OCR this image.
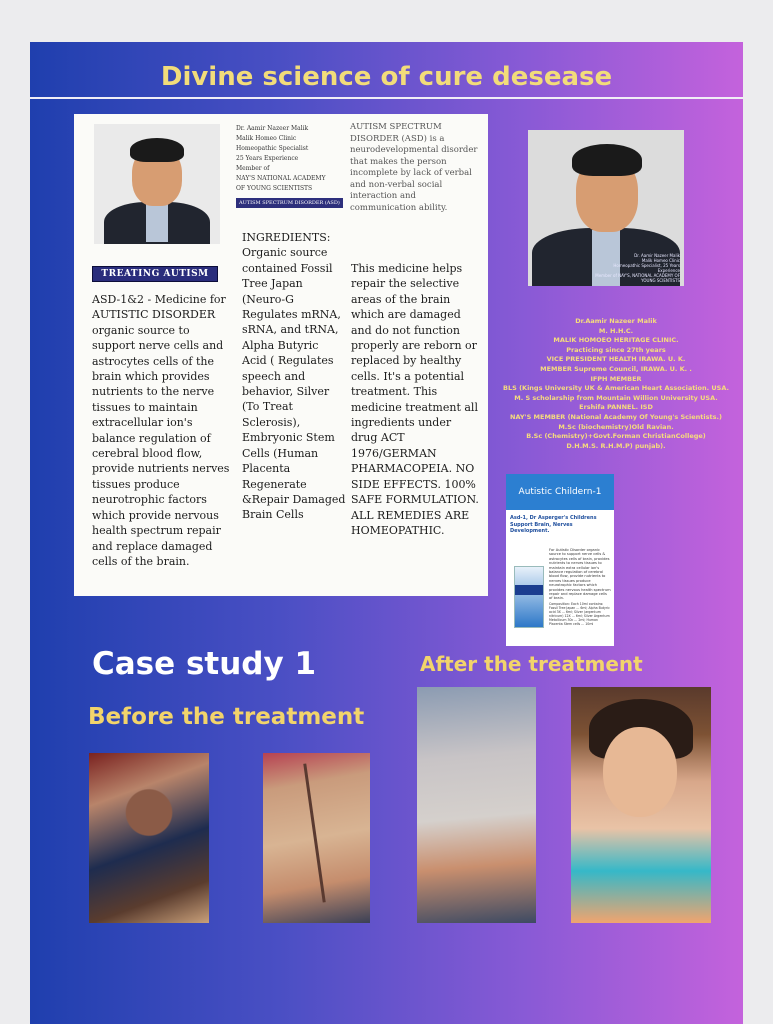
Divine science of cure desease
Dr. Aamir Nazeer Malik
Malik Homeo Clinic
Homeopathic Specialist
25 Years Experience
Member of
NAY'S NATIONAL ACADEMY
OF YOUNG SCIENTISTS
AUTISM SPECTRUM DISORDER (ASD)
AUTISM SPECTRUM DISORDER (ASD) is a neurodevelopmental disorder that makes the person incomplete by lack of verbal and non-verbal social interaction and communication ability.
TREATING AUTISM
ASD-1&2 - Medicine for AUTISTIC DISORDER organic source to support nerve cells and astrocytes cells of the brain which provides nutrients to the nerve tissues to maintain extracellular ion's balance regulation of cerebral blood flow, provide nutrients nerves tissues produce neurotrophic factors which provide nervous health spectrum repair and replace damaged cells of the brain.
INGREDIENTS: Organic source contained Fossil Tree Japan (Neuro-G Regulates mRNA, sRNA, and tRNA, Alpha Butyric Acid ( Regulates speech and behavior, Silver (To Treat Sclerosis), Embryonic Stem Cells (Human Placenta Regenerate &Repair Damaged Brain Cells
This medicine helps repair the selective areas of the brain which are damaged and do not function properly are reborn or replaced by healthy cells. It's a potential treatment. This medicine treatment all ingredients under drug ACT 1976/GERMAN PHARMACOPEIA. NO SIDE EFFECTS. 100% SAFE FORMULATION. ALL REMEDIES ARE HOMEOPATHIC.
Dr. Aamir Nazeer Malik
Malik Homeo Clinic
Homeopathic Specialist, 25 Years Experience
Member of NAY'S, NATIONAL ACADEMY OF YOUNG SCIENTISTS
Dr.Aamir Nazeer Malik
M. H.H.C.
MALIK HOMOEO HERITAGE CLINIC.
Practicing since 27th years
VICE PRESIDENT HEALTH IRAWA. U. K.
MEMBER Supreme Council, IRAWA. U. K. .
IFPH MEMBER
BLS (Kings University UK & American Heart Association. USA.
M. S scholarship from Mountain Willion University USA.
Ershifa PANNEL. ISD
NAY'S MEMBER (National Academy Of Young's Scientists.)
M.Sc (biochemistry)Old Ravian.
B.Sc (Chemistry)+Govt.Forman ChristianCollege)
D.H.M.S. R.H.M.P) punjab).
Autistic Childern-1
Asd-1, Dr Asperger's Childrens Support Brain, Nerves Development.
For Autistic Disorder organic source to support nerve cells & astrocytes cells of brain, provides nutrients to nerves tissues to maintain extra cellular ion's balance regulation of cerebral blood flow, provide nutrients to nerves tissues produce neurotrophic factors which provides nervous health spectrum repair and replace damage cells of brain.
Composition: Each 10ml contains: Fossil Tree Japan ... 6ml; Alpha Butyric acid 3X ... 6ml; Silver (argentum nitricum) 12X ... 6ml; Silver Argentum Metallicum 30c ... 2ml; Human Placenta Stem cells ... 10ml
Case study 1
Before the treatment
After the treatment
